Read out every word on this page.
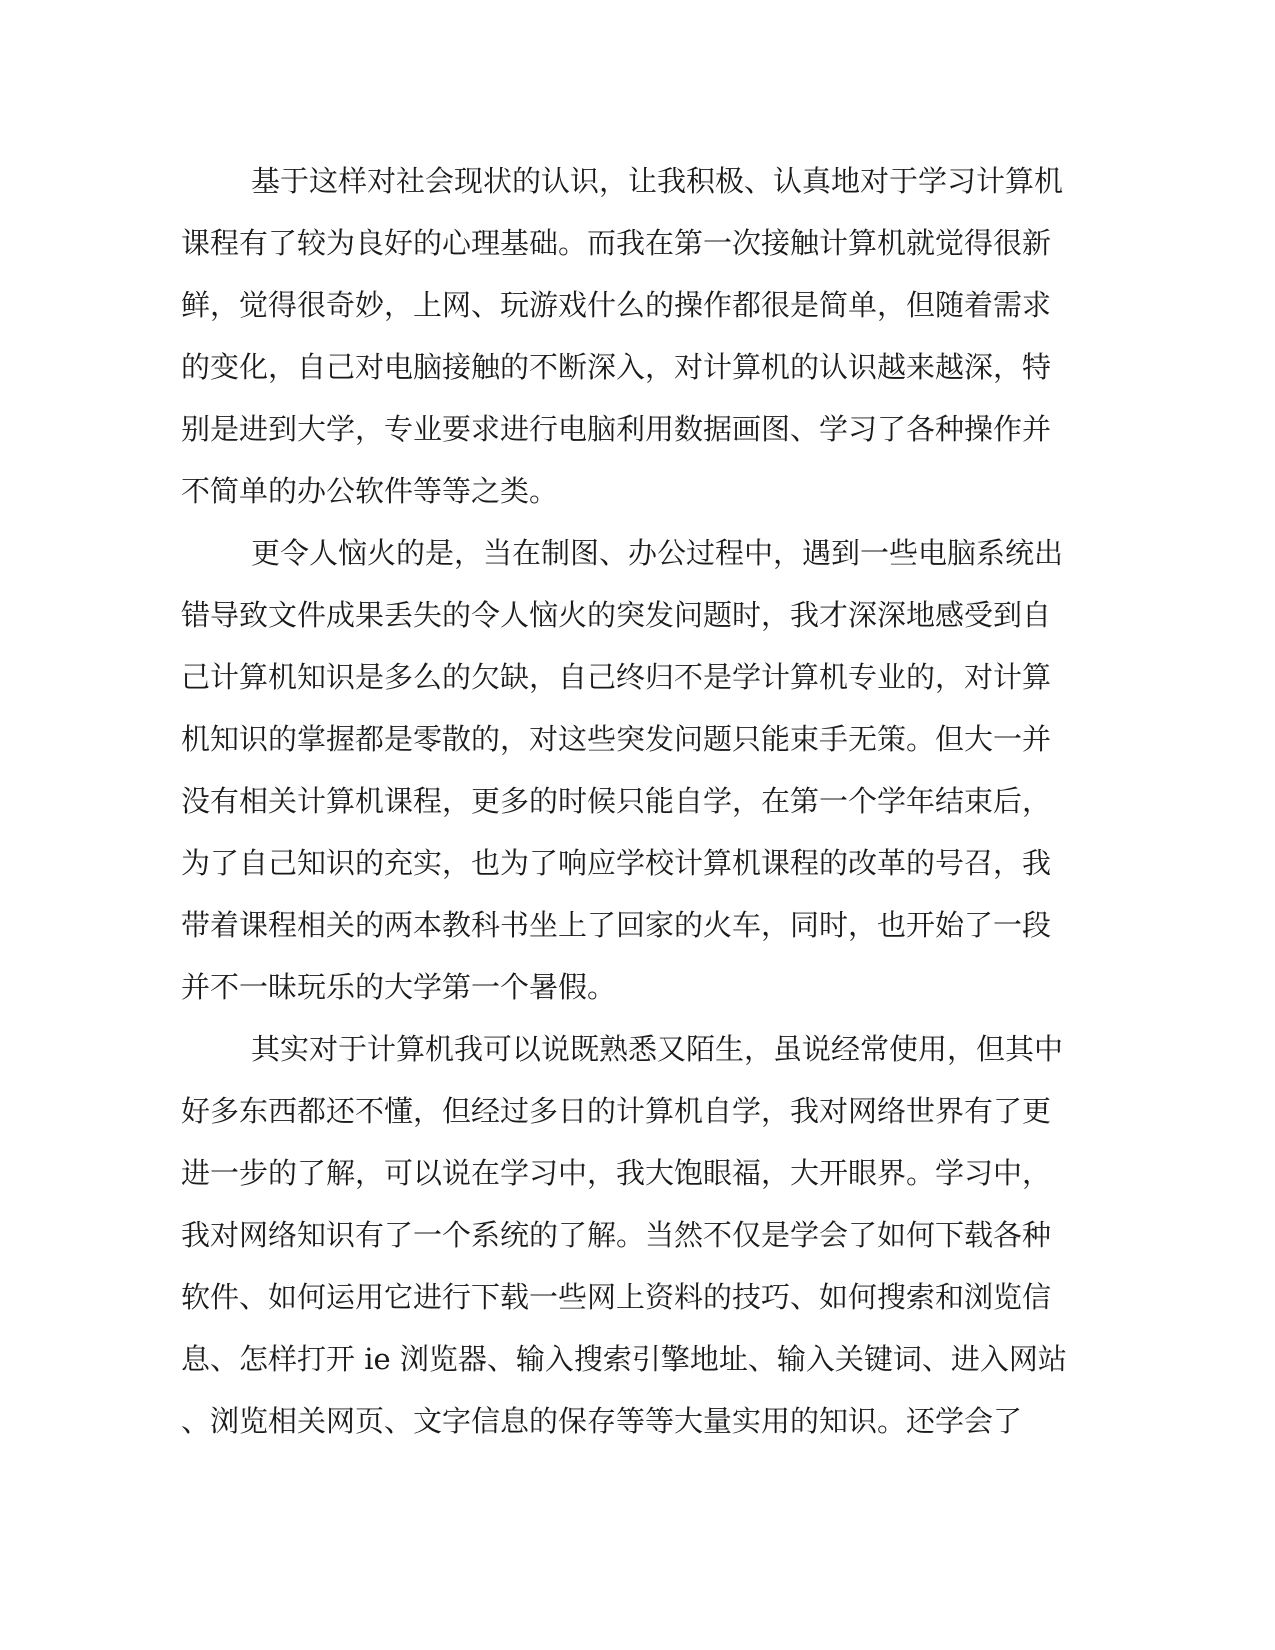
基于这样对社会现状的认识，让我积极、认真地对于学习计算机
课程有了较为良好的心理基础。而我在第一次接触计算机就觉得很新
鲜，觉得很奇妙，上网、玩游戏什么的操作都很是简单，但随着需求
的变化，自己对电脑接触的不断深入，对计算机的认识越来越深，特
别是进到大学，专业要求进行电脑利用数据画图、学习了各种操作并
不简单的办公软件等等之类。
更令人恼火的是，当在制图、办公过程中，遇到一些电脑系统出
错导致文件成果丢失的令人恼火的突发问题时，我才深深地感受到自
己计算机知识是多么的欠缺，自己终归不是学计算机专业的，对计算
机知识的掌握都是零散的，对这些突发问题只能束手无策。但大一并
没有相关计算机课程，更多的时候只能自学，在第一个学年结束后，
为了自己知识的充实，也为了响应学校计算机课程的改革的号召，我
带着课程相关的两本教科书坐上了回家的火车，同时，也开始了一段
并不一昧玩乐的大学第一个暑假。
其实对于计算机我可以说既熟悉又陌生，虽说经常使用，但其中
好多东西都还不懂，但经过多日的计算机自学，我对网络世界有了更
进一步的了解，可以说在学习中，我大饱眼福，大开眼界。学习中，
我对网络知识有了一个系统的了解。当然不仅是学会了如何下载各种
软件、如何运用它进行下载一些网上资料的技巧、如何搜索和浏览信
息、怎样打开 ie 浏览器、输入搜索引擎地址、输入关键词、进入网站
、浏览相关网页、文字信息的保存等等大量实用的知识。还学会了
